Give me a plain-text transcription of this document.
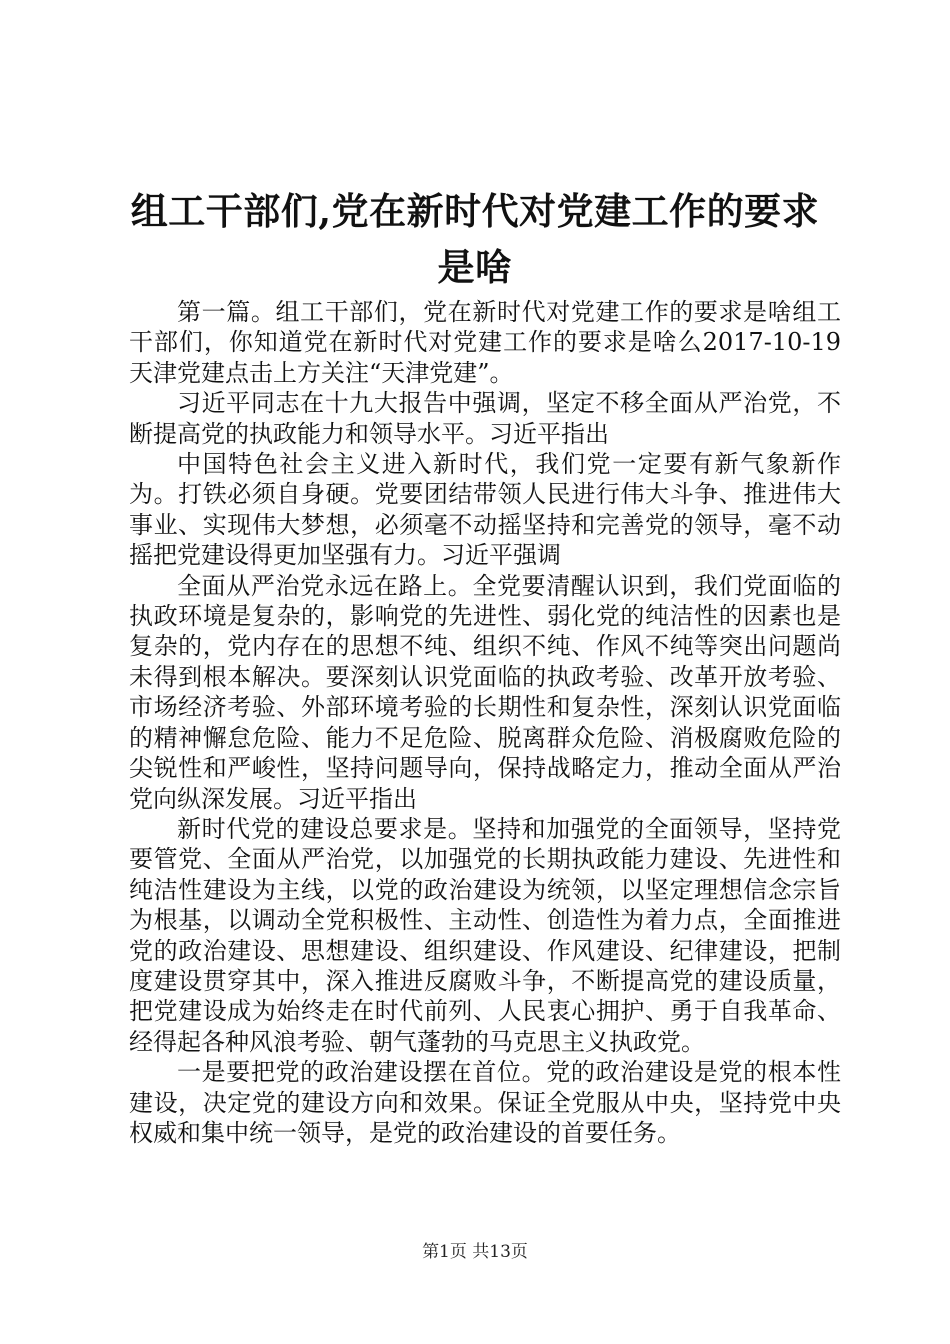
组工干部们,党在新时代对党建工作的要求是啥

第一篇。组工干部们，党在新时代对党建工作的要求是啥组工干部们，你知道党在新时代对党建工作的要求是啥么2017-10-19天津党建点击上方关注“天津党建”。

习近平同志在十九大报告中强调，坚定不移全面从严治党，不断提高党的执政能力和领导水平。习近平指出

中国特色社会主义进入新时代，我们党一定要有新气象新作为。打铁必须自身硬。党要团结带领人民进行伟大斗争、推进伟大事业、实现伟大梦想，必须毫不动摇坚持和完善党的领导，毫不动摇把党建设得更加坚强有力。习近平强调

全面从严治党永远在路上。全党要清醒认识到，我们党面临的执政环境是复杂的，影响党的先进性、弱化党的纯洁性的因素也是复杂的，党内存在的思想不纯、组织不纯、作风不纯等突出问题尚未得到根本解决。要深刻认识党面临的执政考验、改革开放考验、市场经济考验、外部环境考验的长期性和复杂性，深刻认识党面临的精神懈怠危险、能力不足危险、脱离群众危险、消极腐败危险的尖锐性和严峻性，坚持问题导向，保持战略定力，推动全面从严治党向纵深发展。习近平指出

新时代党的建设总要求是。坚持和加强党的全面领导，坚持党要管党、全面从严治党，以加强党的长期执政能力建设、先进性和纯洁性建设为主线，以党的政治建设为统领，以坚定理想信念宗旨为根基，以调动全党积极性、主动性、创造性为着力点，全面推进党的政治建设、思想建设、组织建设、作风建设、纪律建设，把制度建设贯穿其中，深入推进反腐败斗争，不断提高党的建设质量，把党建设成为始终走在时代前列、人民衷心拥护、勇于自我革命、经得起各种风浪考验、朝气蓬勃的马克思主义执政党。

一是要把党的政治建设摆在首位。党的政治建设是党的根本性建设，决定党的建设方向和效果。保证全党服从中央，坚持党中央权威和集中统一领导，是党的政治建设的首要任务。

第1页 共13页
